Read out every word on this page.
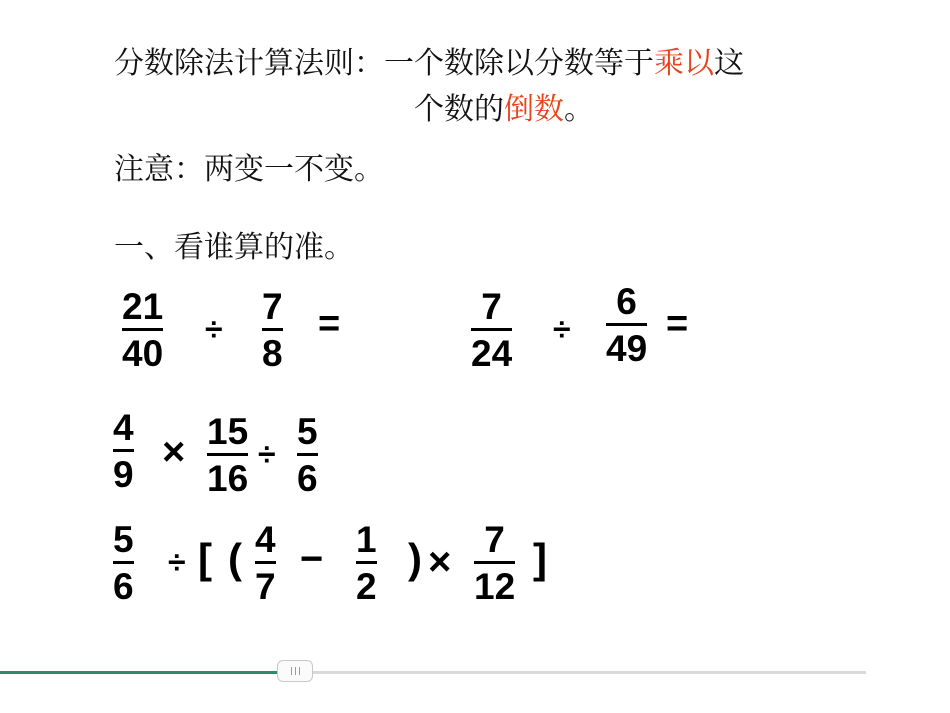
分数除法计算法则：一个数除以分数等于乘以这
个数的倒数。
注意：两变一不变。
一、看谁算的准。
21
40
÷
7
8
=	7
24
÷
6
49
=
4
9
× 15
16
÷
5
6
5
6
÷ [ ( 4
7
− 1
2
) ×
7
12
]
